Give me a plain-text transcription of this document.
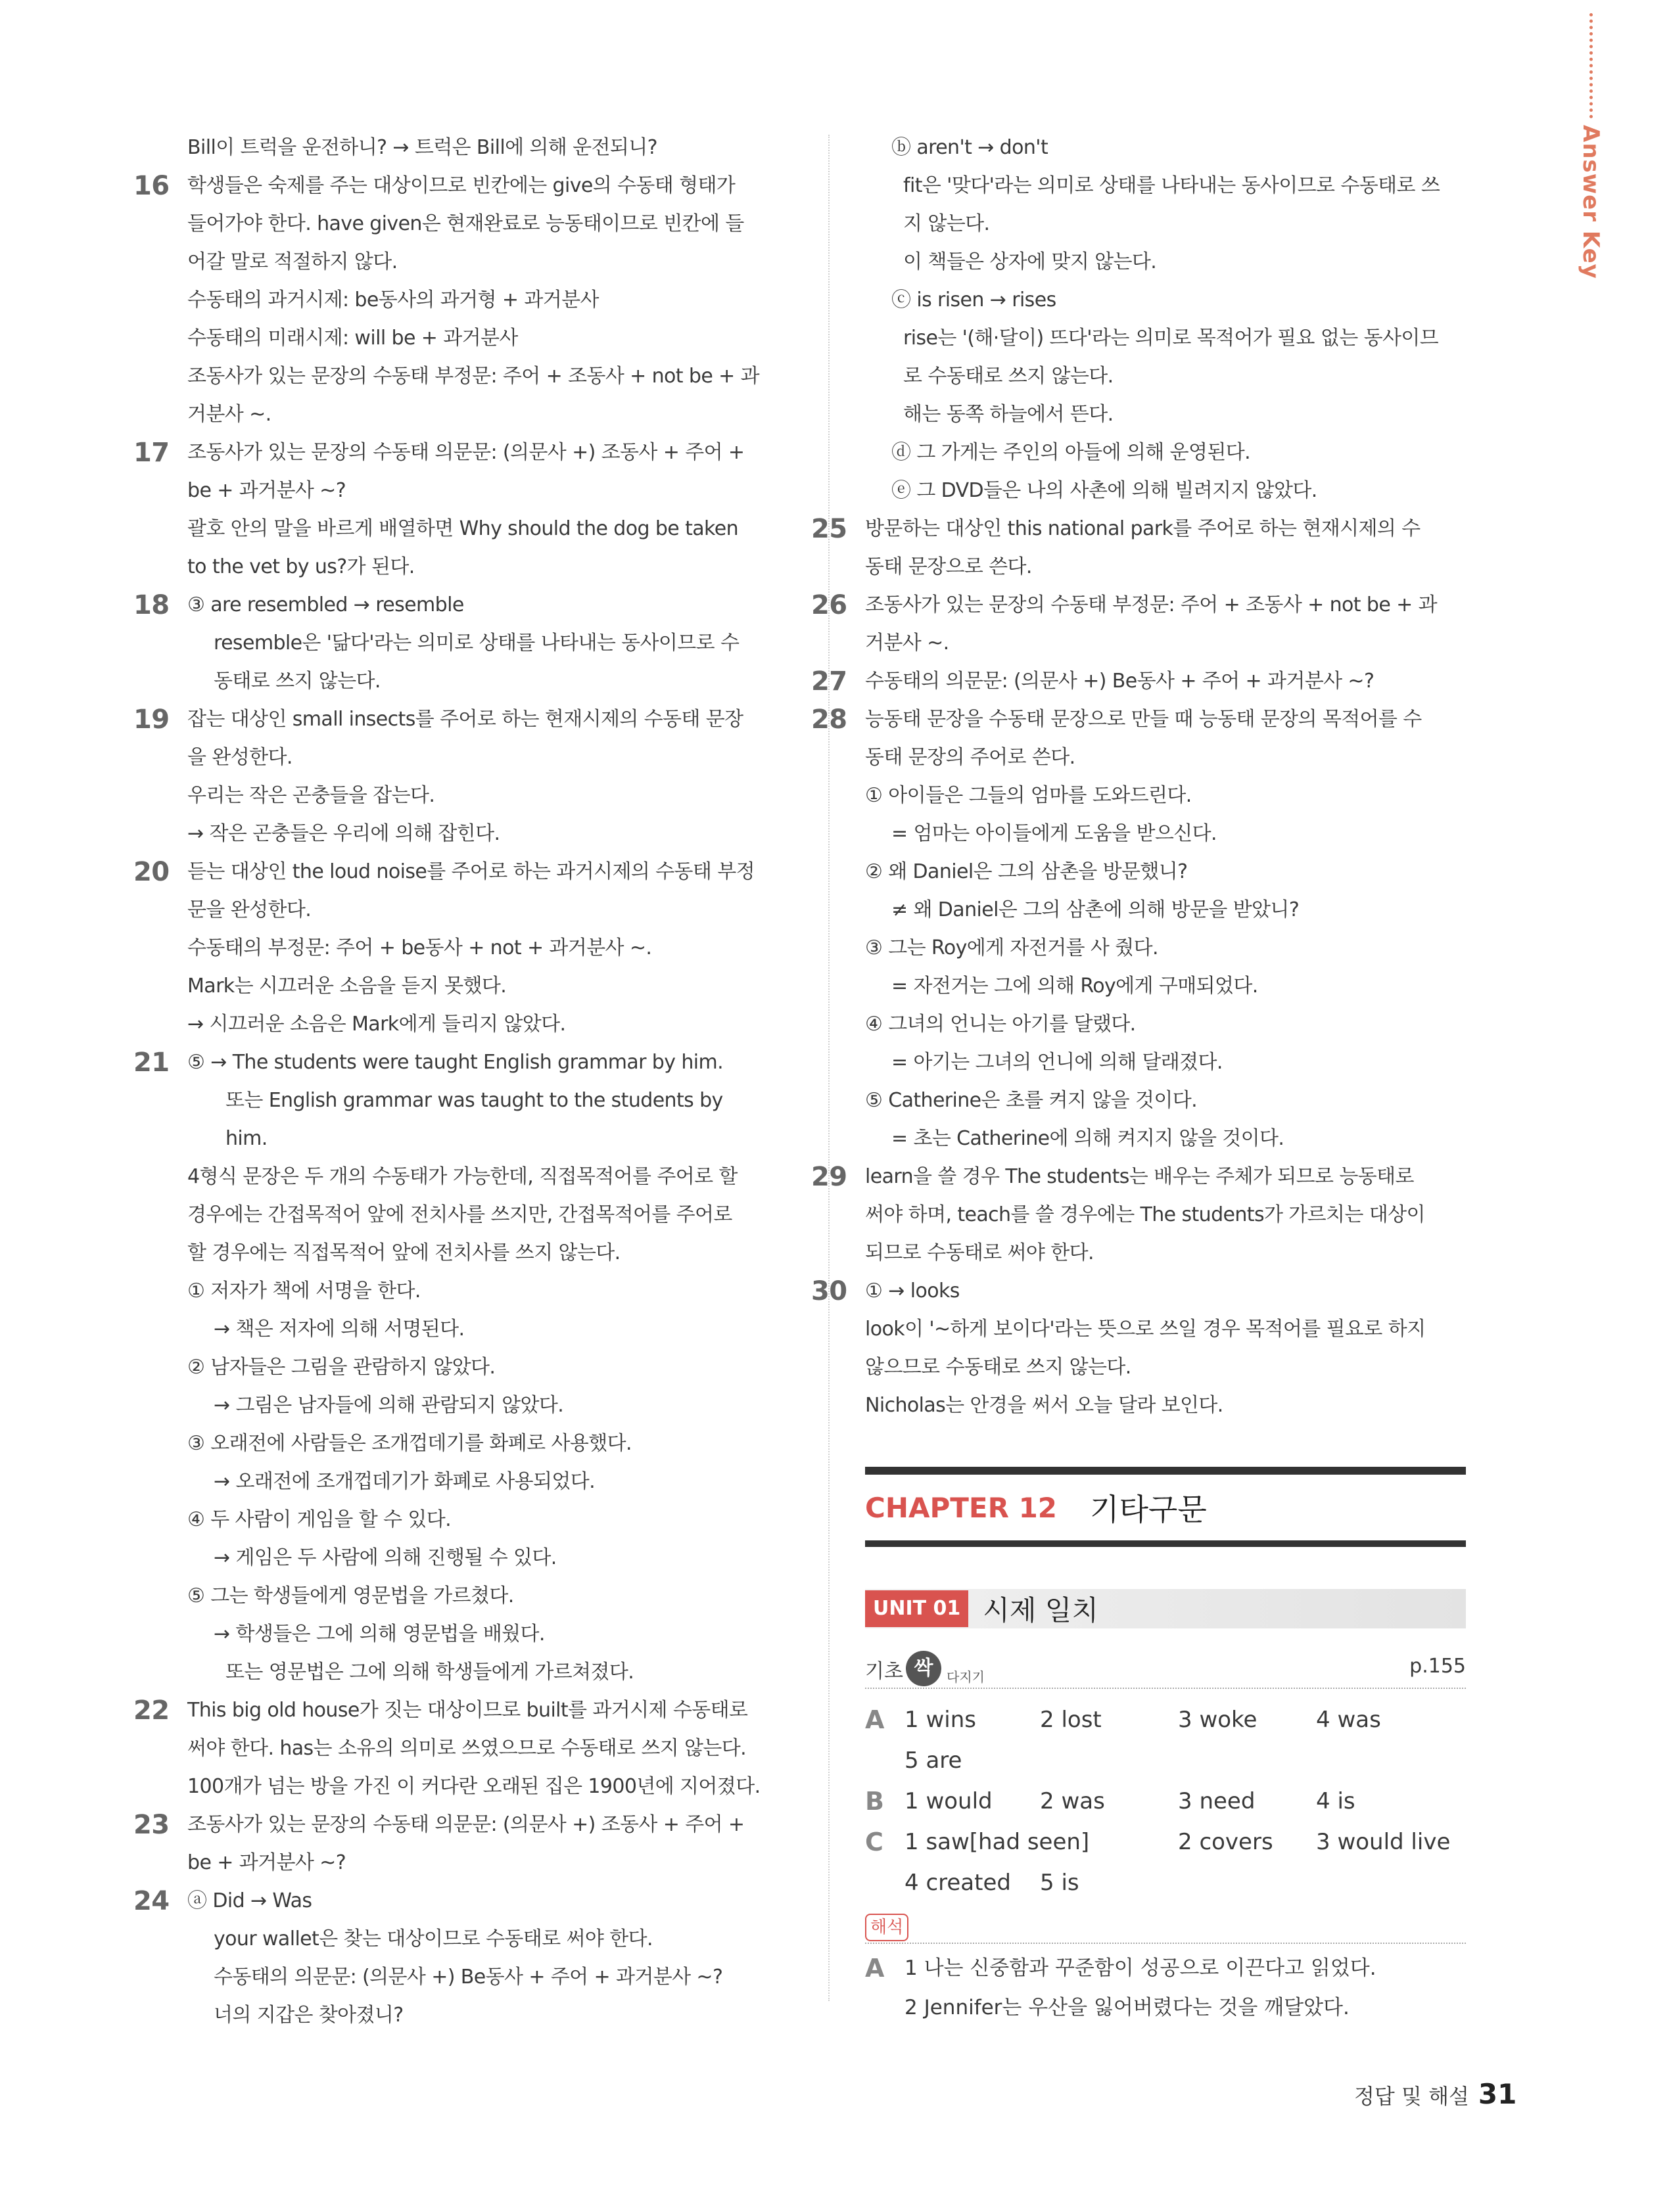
Answer Key
Bill이 트럭을 운전하니? → 트럭은 Bill에 의해 운전되니?
16 학생들은 숙제를 주는 대상이므로 빈칸에는 give의 수동태 형태가
들어가야 한다. have given은 현재완료로 능동태이므로 빈칸에 들
어갈 말로 적절하지 않다.
수동태의 과거시제: be동사의 과거형 + 과거분사
수동태의 미래시제: will be + 과거분사
조동사가 있는 문장의 수동태 부정문: 주어 + 조동사 + not be + 과
거분사 ~.
17 조동사가 있는 문장의 수동태 의문문: (의문사 +) 조동사 + 주어 +
be + 과거분사 ~?
괄호 안의 말을 바르게 배열하면 Why should the dog be taken
to the vet by us?가 된다.
18 ③ are resembled → resemble
resemble은 '닮다'라는 의미로 상태를 나타내는 동사이므로 수
동태로 쓰지 않는다.
19 잡는 대상인 small insects를 주어로 하는 현재시제의 수동태 문장
을 완성한다.
우리는 작은 곤충들을 잡는다.
→ 작은 곤충들은 우리에 의해 잡힌다.
20 듣는 대상인 the loud noise를 주어로 하는 과거시제의 수동태 부정
문을 완성한다.
수동태의 부정문: 주어 + be동사 + not + 과거분사 ~.
Mark는 시끄러운 소음을 듣지 못했다.
→ 시끄러운 소음은 Mark에게 들리지 않았다.
21 ⑤ → The students were taught English grammar by him.
또는 English grammar was taught to the students by
him.
4형식 문장은 두 개의 수동태가 가능한데, 직접목적어를 주어로 할
경우에는 간접목적어 앞에 전치사를 쓰지만, 간접목적어를 주어로
할 경우에는 직접목적어 앞에 전치사를 쓰지 않는다.
① 저자가 책에 서명을 한다.
→ 책은 저자에 의해 서명된다.
② 남자들은 그림을 관람하지 않았다.
→ 그림은 남자들에 의해 관람되지 않았다.
③ 오래전에 사람들은 조개껍데기를 화폐로 사용했다.
→ 오래전에 조개껍데기가 화폐로 사용되었다.
④ 두 사람이 게임을 할 수 있다.
→ 게임은 두 사람에 의해 진행될 수 있다.
⑤ 그는 학생들에게 영문법을 가르쳤다.
→ 학생들은 그에 의해 영문법을 배웠다.
또는 영문법은 그에 의해 학생들에게 가르쳐졌다.
22 This big old house가 짓는 대상이므로 built를 과거시제 수동태로
써야 한다. has는 소유의 의미로 쓰였으므로 수동태로 쓰지 않는다.
100개가 넘는 방을 가진 이 커다란 오래된 집은 1900년에 지어졌다.
23 조동사가 있는 문장의 수동태 의문문: (의문사 +) 조동사 + 주어 +
be + 과거분사 ~?
24 ⓐ Did → Was
your wallet은 찾는 대상이므로 수동태로 써야 한다.
수동태의 의문문: (의문사 +) Be동사 + 주어 + 과거분사 ~?
너의 지갑은 찾아졌니?
ⓑ aren't → don't
fit은 '맞다'라는 의미로 상태를 나타내는 동사이므로 수동태로 쓰
지 않는다.
이 책들은 상자에 맞지 않는다.
ⓒ is risen → rises
rise는 '(해·달이) 뜨다'라는 의미로 목적어가 필요 없는 동사이므
로 수동태로 쓰지 않는다.
해는 동쪽 하늘에서 뜬다.
ⓓ 그 가게는 주인의 아들에 의해 운영된다.
ⓔ 그 DVD들은 나의 사촌에 의해 빌려지지 않았다.
25 방문하는 대상인 this national park를 주어로 하는 현재시제의 수
동태 문장으로 쓴다.
26 조동사가 있는 문장의 수동태 부정문: 주어 + 조동사 + not be + 과
거분사 ~.
27 수동태의 의문문: (의문사 +) Be동사 + 주어 + 과거분사 ~?
28 능동태 문장을 수동태 문장으로 만들 때 능동태 문장의 목적어를 수
동태 문장의 주어로 쓴다.
① 아이들은 그들의 엄마를 도와드린다.
= 엄마는 아이들에게 도움을 받으신다.
② 왜 Daniel은 그의 삼촌을 방문했니?
≠ 왜 Daniel은 그의 삼촌에 의해 방문을 받았니?
③ 그는 Roy에게 자전거를 사 줬다.
= 자전거는 그에 의해 Roy에게 구매되었다.
④ 그녀의 언니는 아기를 달랬다.
= 아기는 그녀의 언니에 의해 달래졌다.
⑤ Catherine은 초를 켜지 않을 것이다.
= 초는 Catherine에 의해 켜지지 않을 것이다.
29 learn을 쓸 경우 The students는 배우는 주체가 되므로 능동태로
써야 하며, teach를 쓸 경우에는 The students가 가르치는 대상이
되므로 수동태로 써야 한다.
30 ① → looks
look이 '~하게 보이다'라는 뜻으로 쓰일 경우 목적어를 필요로 하지
않으므로 수동태로 쓰지 않는다.
Nicholas는 안경을 써서 오늘 달라 보인다.
CHAPTER 12 기타구문
UNIT 01 시제 일치
기초 싹	다지기	p.155
A 1 wins	2 lost	3 woke	4 was
5 are
B 1 would 2 was	3 need	4 is
C 1 saw[had seen]	2 covers 3 would live
4 created 5 is
해석
A 1 나는 신중함과 꾸준함이 성공으로 이끈다고 읽었다.
2 Jennifer는 우산을 잃어버렸다는 것을 깨달았다.
정답 및 해설 31
